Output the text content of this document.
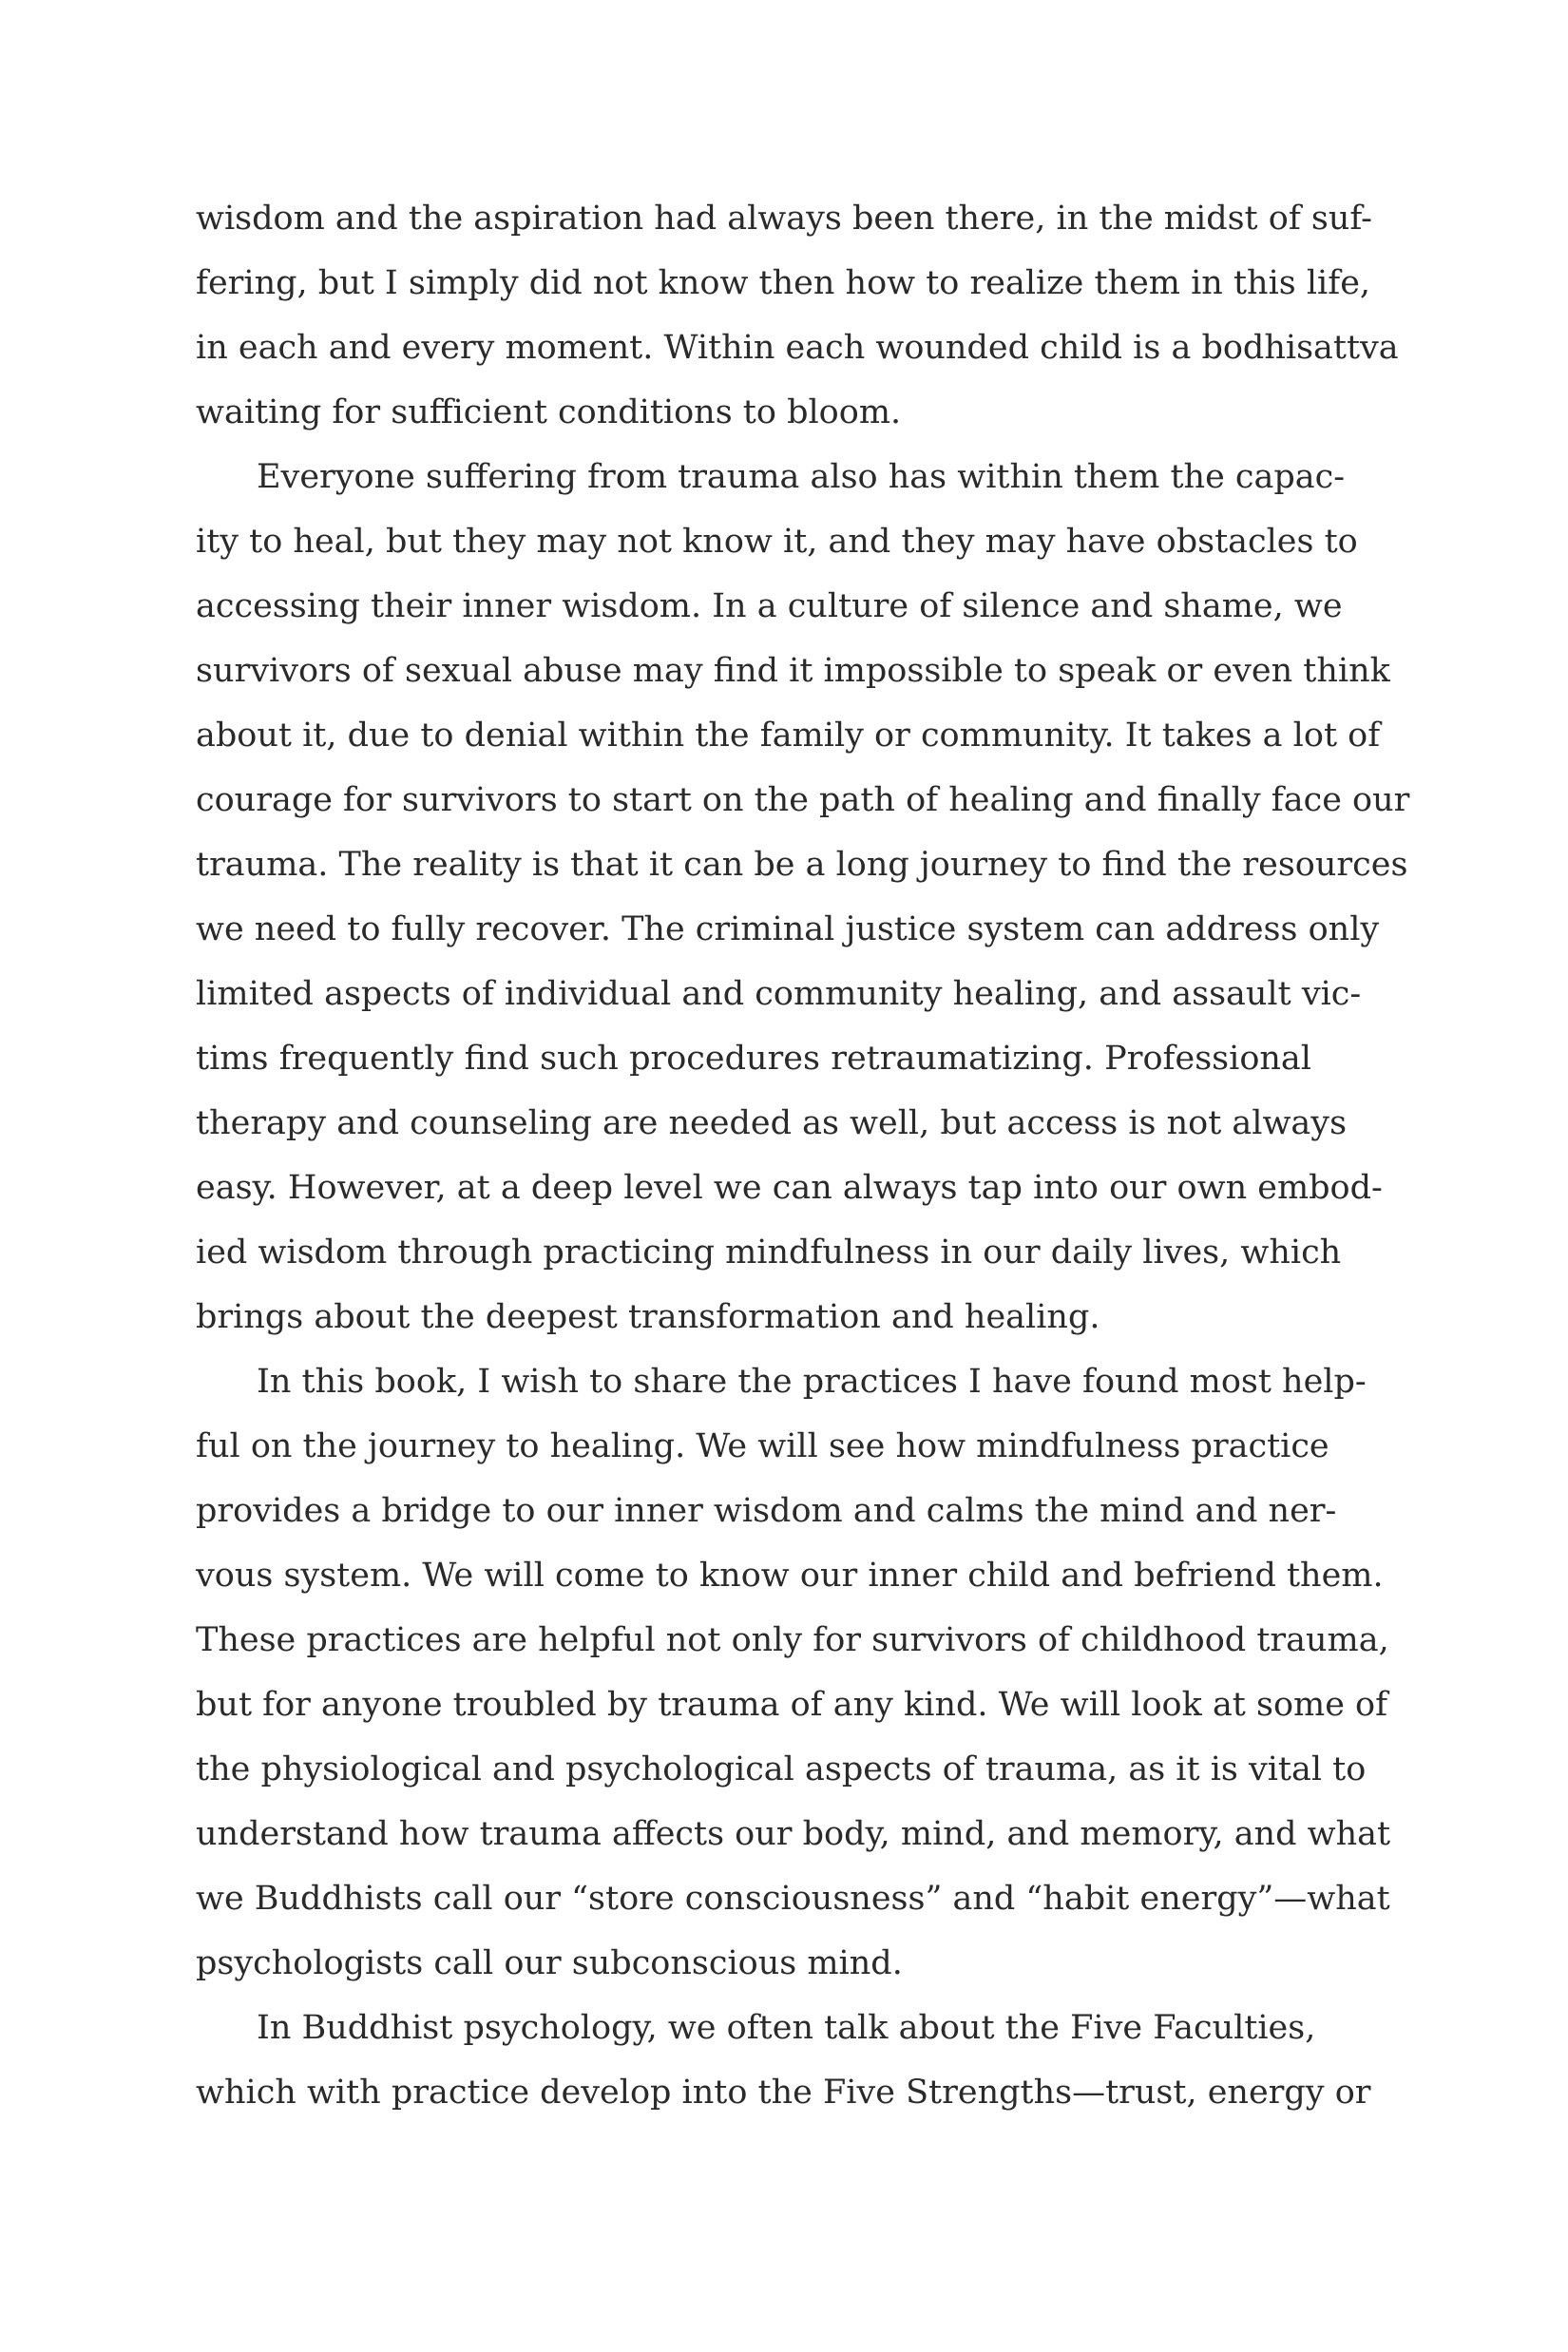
wisdom and the aspiration had always been there, in the midst of suf-
fering, but I simply did not know then how to realize them in this life,
in each and every moment. Within each wounded child is a bodhisattva
waiting for sufficient conditions to bloom.
Everyone suffering from trauma also has within them the capac-
ity to heal, but they may not know it, and they may have obstacles to
accessing their inner wisdom. In a culture of silence and shame, we
survivors of sexual abuse may find it impossible to speak or even think
about it, due to denial within the family or community. It takes a lot of
courage for survivors to start on the path of healing and finally face our
trauma. The reality is that it can be a long journey to find the resources
we need to fully recover. The criminal justice system can address only
limited aspects of individual and community healing, and assault vic-
tims frequently find such procedures retraumatizing. Professional
therapy and counseling are needed as well, but access is not always
easy. However, at a deep level we can always tap into our own embod-
ied wisdom through practicing mindfulness in our daily lives, which
brings about the deepest transformation and healing.
In this book, I wish to share the practices I have found most help-
ful on the journey to healing. We will see how mindfulness practice
provides a bridge to our inner wisdom and calms the mind and ner-
vous system. We will come to know our inner child and befriend them.
These practices are helpful not only for survivors of childhood trauma,
but for anyone troubled by trauma of any kind. We will look at some of
the physiological and psychological aspects of trauma, as it is vital to
understand how trauma affects our body, mind, and memory, and what
we Buddhists call our “store consciousness” and “habit energy”—what
psychologists call our subconscious mind.
In Buddhist psychology, we often talk about the Five Faculties,
which with practice develop into the Five Strengths—trust, energy or
